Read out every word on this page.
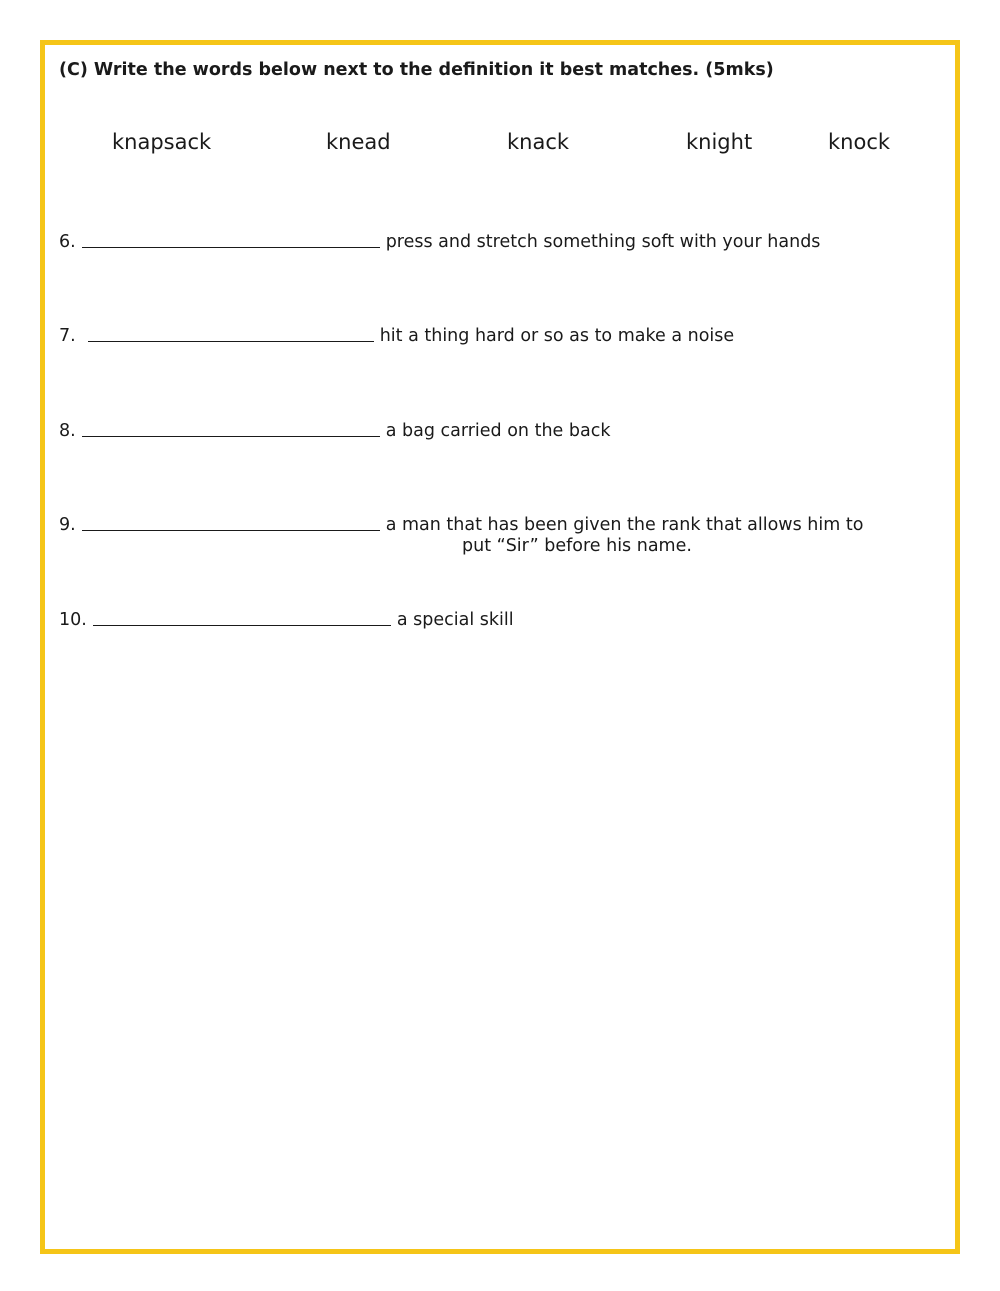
(C) Write the words below next to the definition it best matches. (5mks)
knapsack	knead	knack	knight	knock
6.	press and stretch something soft with your hands
7.	hit a thing hard or so as to make a noise
8.	a bag carried on the back
9.	a man that has been given the rank that allows him to
put “Sir” before his name.
10.	a special skill
